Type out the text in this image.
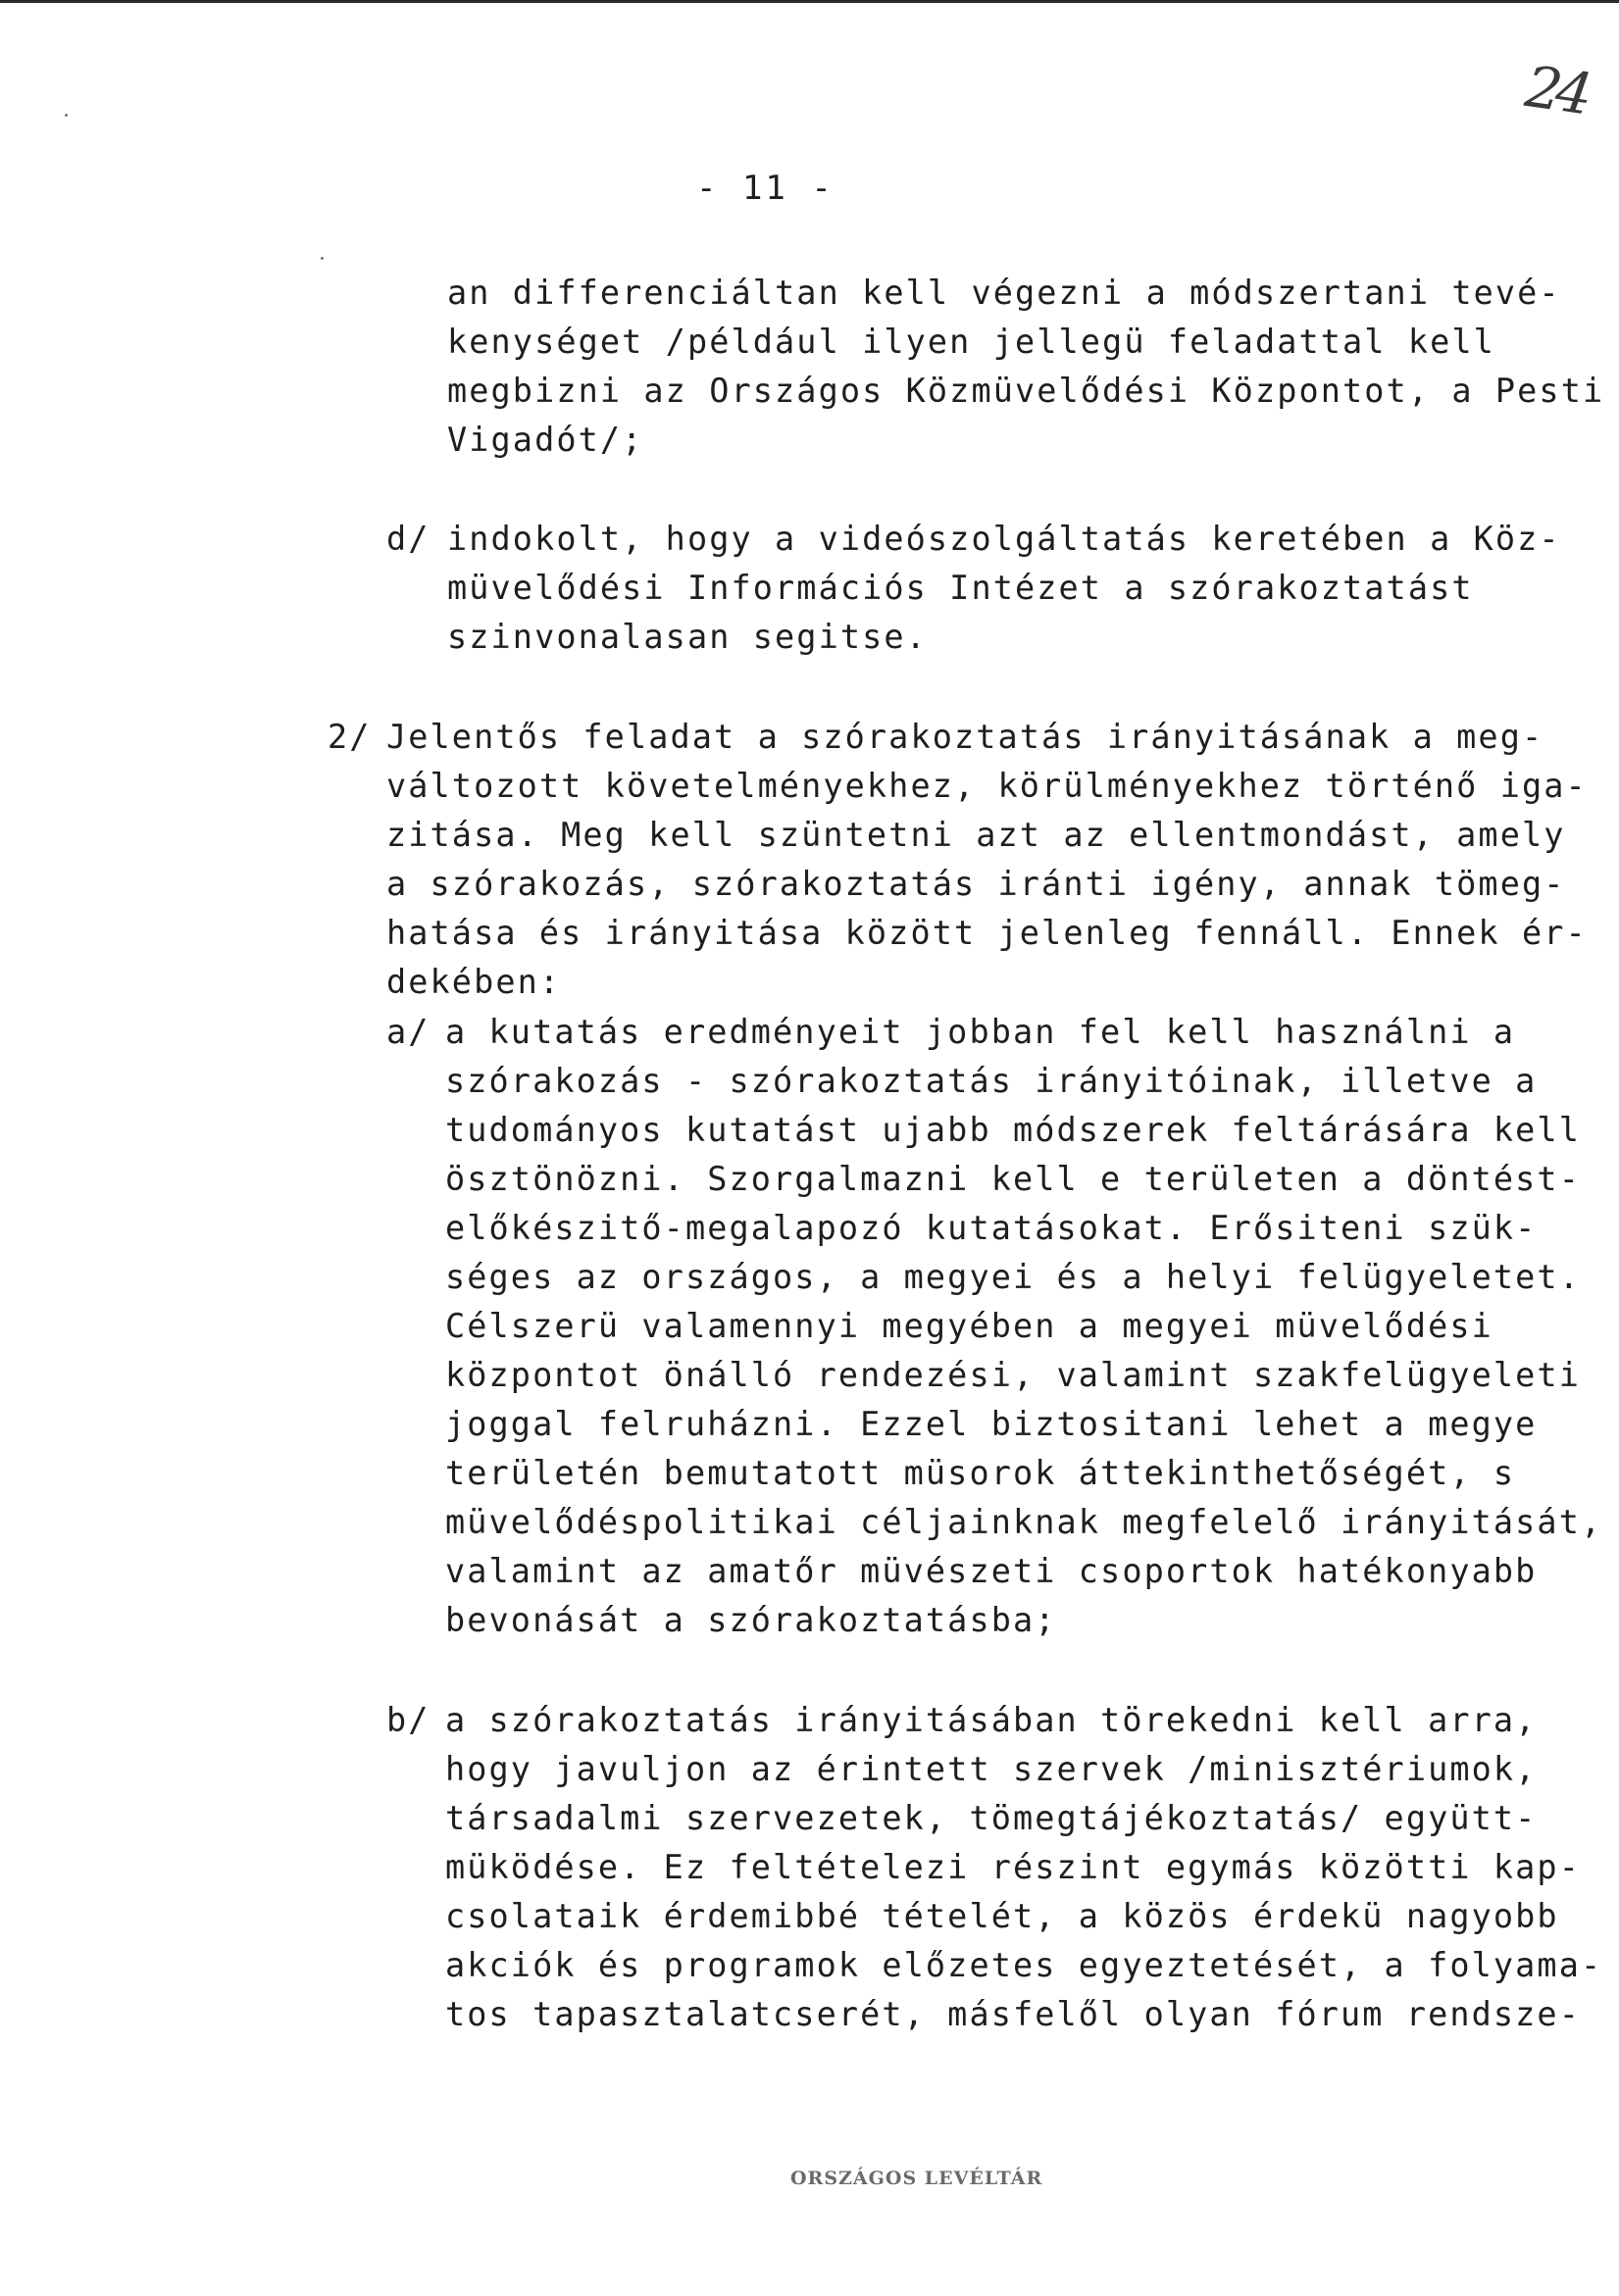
24
- 11 -
an differenciáltan kell végezni a módszertani tevé-
kenységet /például ilyen jellegü feladattal kell
megbizni az Országos Közmüvelődési Központot, a Pesti
Vigadót/;
d/ indokolt, hogy a videószolgáltatás keretében a Köz-
müvelődési Információs Intézet a szórakoztatást
szinvonalasan segitse.
2/ Jelentős feladat a szórakoztatás irányitásának a meg-
változott követelményekhez, körülményekhez történő iga-
zitása. Meg kell szüntetni azt az ellentmondást, amely
a szórakozás, szórakoztatás iránti igény, annak tömeg-
hatása és irányitása között jelenleg fennáll. Ennek ér-
dekében:
a/ a kutatás eredményeit jobban fel kell használni a
szórakozás - szórakoztatás irányitóinak, illetve a
tudományos kutatást ujabb módszerek feltárására kell
ösztönözni. Szorgalmazni kell e területen a döntést-
előkészitő-megalapozó kutatásokat. Erősiteni szük-
séges az országos, a megyei és a helyi felügyeletet.
Célszerü valamennyi megyében a megyei müvelődési
központot önálló rendezési, valamint szakfelügyeleti
joggal felruházni. Ezzel biztositani lehet a megye
területén bemutatott müsorok áttekinthetőségét, s
müvelődéspolitikai céljainknak megfelelő irányitását,
valamint az amatőr müvészeti csoportok hatékonyabb
bevonását a szórakoztatásba;
b/ a szórakoztatás irányitásában törekedni kell arra,
hogy javuljon az érintett szervek /minisztériumok,
társadalmi szervezetek, tömegtájékoztatás/ együtt-
müködése. Ez feltételezi részint egymás közötti kap-
csolataik érdemibbé tételét, a közös érdekü nagyobb
akciók és programok előzetes egyeztetését, a folyama-
tos tapasztalatcserét, másfelől olyan fórum rendsze-
ORSZÁGOS LEVÉLTÁR
